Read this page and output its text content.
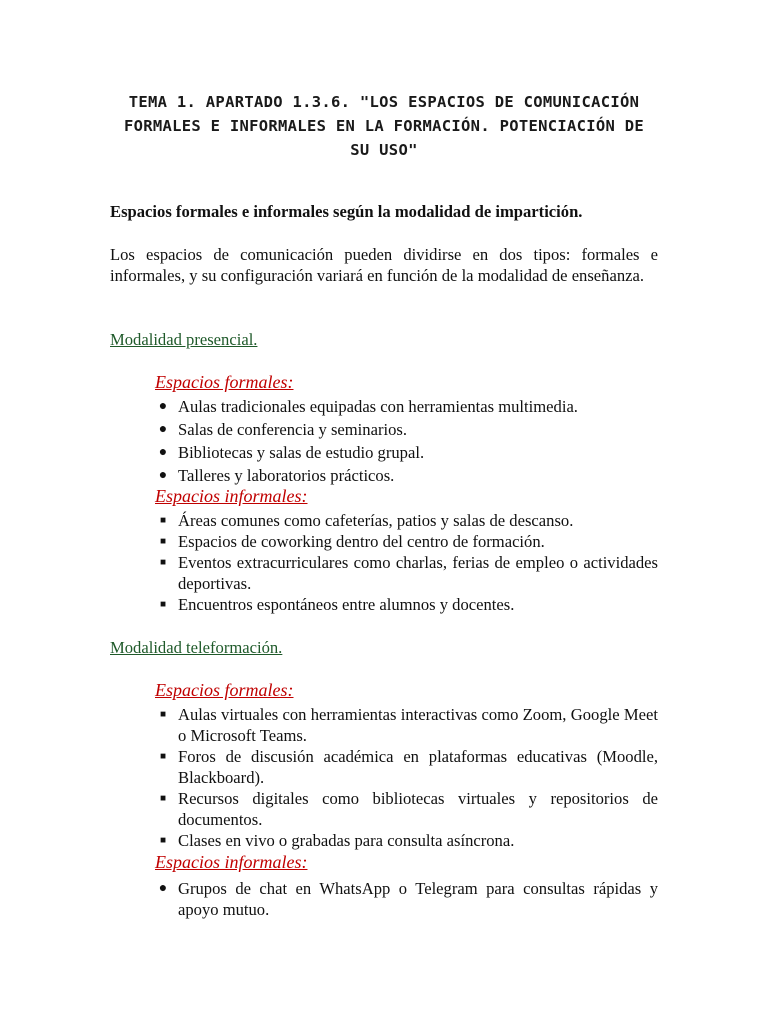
TEMA 1. APARTADO 1.3.6. "LOS ESPACIOS DE COMUNICACIÓN FORMALES E INFORMALES EN LA FORMACIÓN. POTENCIACIÓN DE SU USO"
Espacios formales e informales según la modalidad de impartición.
Los espacios de comunicación pueden dividirse en dos tipos: formales e informales, y su configuración variará en función de la modalidad de enseñanza.
Modalidad presencial.
Espacios formales:
● Aulas tradicionales equipadas con herramientas multimedia.
● Salas de conferencia y seminarios.
● Bibliotecas y salas de estudio grupal.
● Talleres y laboratorios prácticos.
Espacios informales:
■ Áreas comunes como cafeterías, patios y salas de descanso.
■ Espacios de coworking dentro del centro de formación.
■ Eventos extracurriculares como charlas, ferias de empleo o actividades deportivas.
■ Encuentros espontáneos entre alumnos y docentes.
Modalidad teleformación.
Espacios formales:
■ Aulas virtuales con herramientas interactivas como Zoom, Google Meet o Microsoft Teams.
■ Foros de discusión académica en plataformas educativas (Moodle, Blackboard).
■ Recursos digitales como bibliotecas virtuales y repositorios de documentos.
■ Clases en vivo o grabadas para consulta asíncrona.
Espacios informales:
● Grupos de chat en WhatsApp o Telegram para consultas rápidas y apoyo mutuo.
